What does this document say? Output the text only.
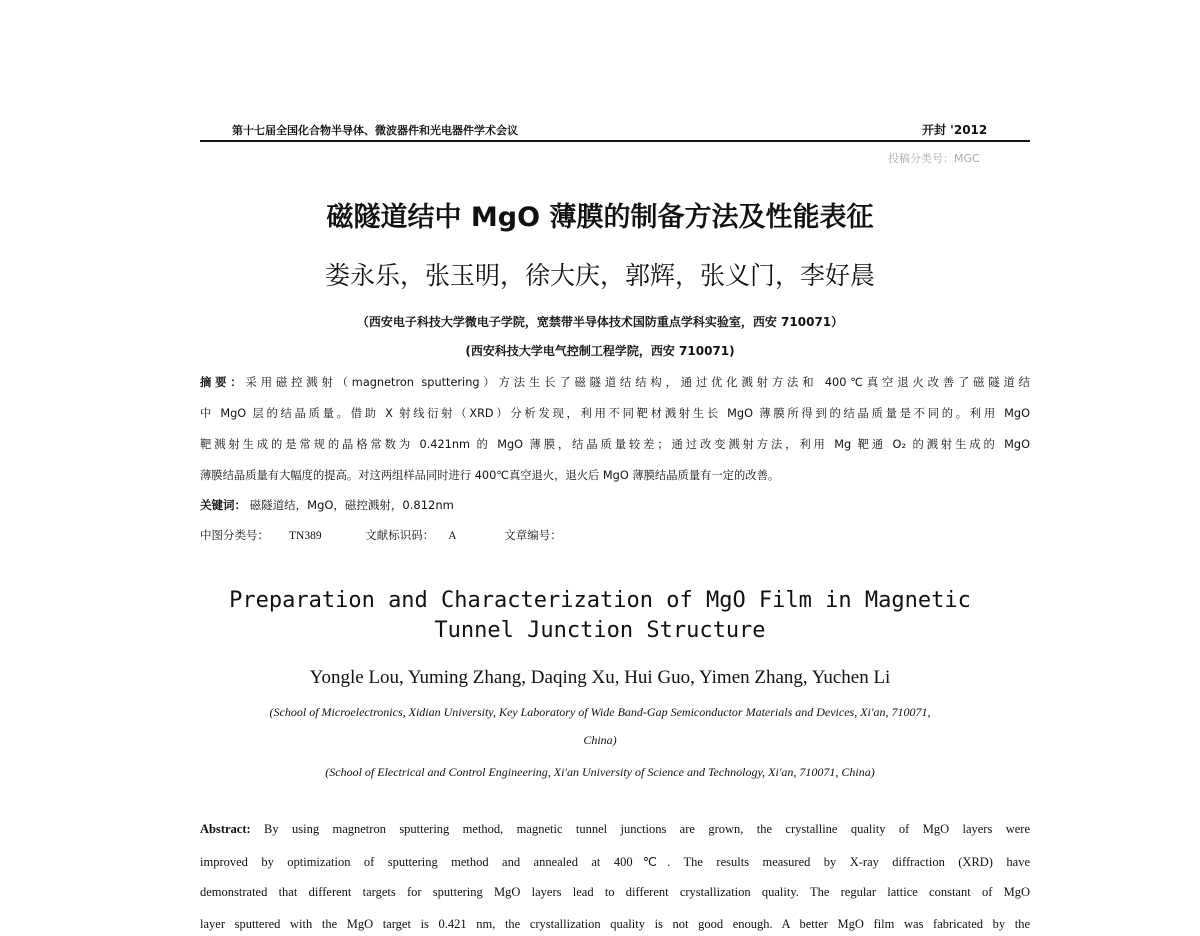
第十七届全国化合物半导体、微波器件和光电器件学术会议	开封 '2012
投稿分类号：MGC
磁隧道结中 MgO 薄膜的制备方法及性能表征
娄永乐，张玉明，徐大庆，郭辉，张义门，李好晨
（西安电子科技大学微电子学院，宽禁带半导体技术国防重点学科实验室，西安 710071）
(西安科技大学电气控制工程学院，西安 710071)
摘要：采用磁控溅射（magnetron sputtering）方法生长了磁隧道结结构，通过优化溅射方法和 400℃真空退火改善了磁隧道结
中 MgO 层的结晶质量。借助 X 射线衍射（XRD）分析发现，利用不同靶材溅射生长 MgO 薄膜所得到的结晶质量是不同的。利用 MgO
靶溅射生成的是常规的晶格常数为 0.421nm 的 MgO 薄膜，结晶质量较差；通过改变溅射方法，利用 Mg 靶通 O₂ 的溅射生成的 MgO
薄膜结晶质量有大幅度的提高。对这两组样品同时进行 400℃真空退火，退火后 MgO 薄膜结晶质量有一定的改善。
关键词： 磁隧道结，MgO，磁控溅射，0.812nm
中图分类号： TN389	文献标识码： A	文章编号：
Preparation and Characterization of MgO Film in Magnetic
Tunnel Junction Structure
Yongle Lou, Yuming Zhang, Daqing Xu, Hui Guo, Yimen Zhang, Yuchen Li
(School of Microelectronics, Xidian University, Key Laboratory of Wide Band-Gap Semiconductor Materials and Devices, Xi'an, 710071,
China)
(School of Electrical and Control Engineering, Xi'an University of Science and Technology, Xi'an, 710071, China)
Abstract: By using magnetron sputtering method, magnetic tunnel junctions are grown, the crystalline quality of MgO layers were
improved by optimization of sputtering method and annealed at 400℃. The results measured by X-ray diffraction (XRD) have
demonstrated that different targets for sputtering MgO layers lead to different crystallization quality. The regular lattice constant of MgO
layer sputtered with the MgO target is 0.421 nm, the crystallization quality is not good enough. A better MgO film was fabricated by the
